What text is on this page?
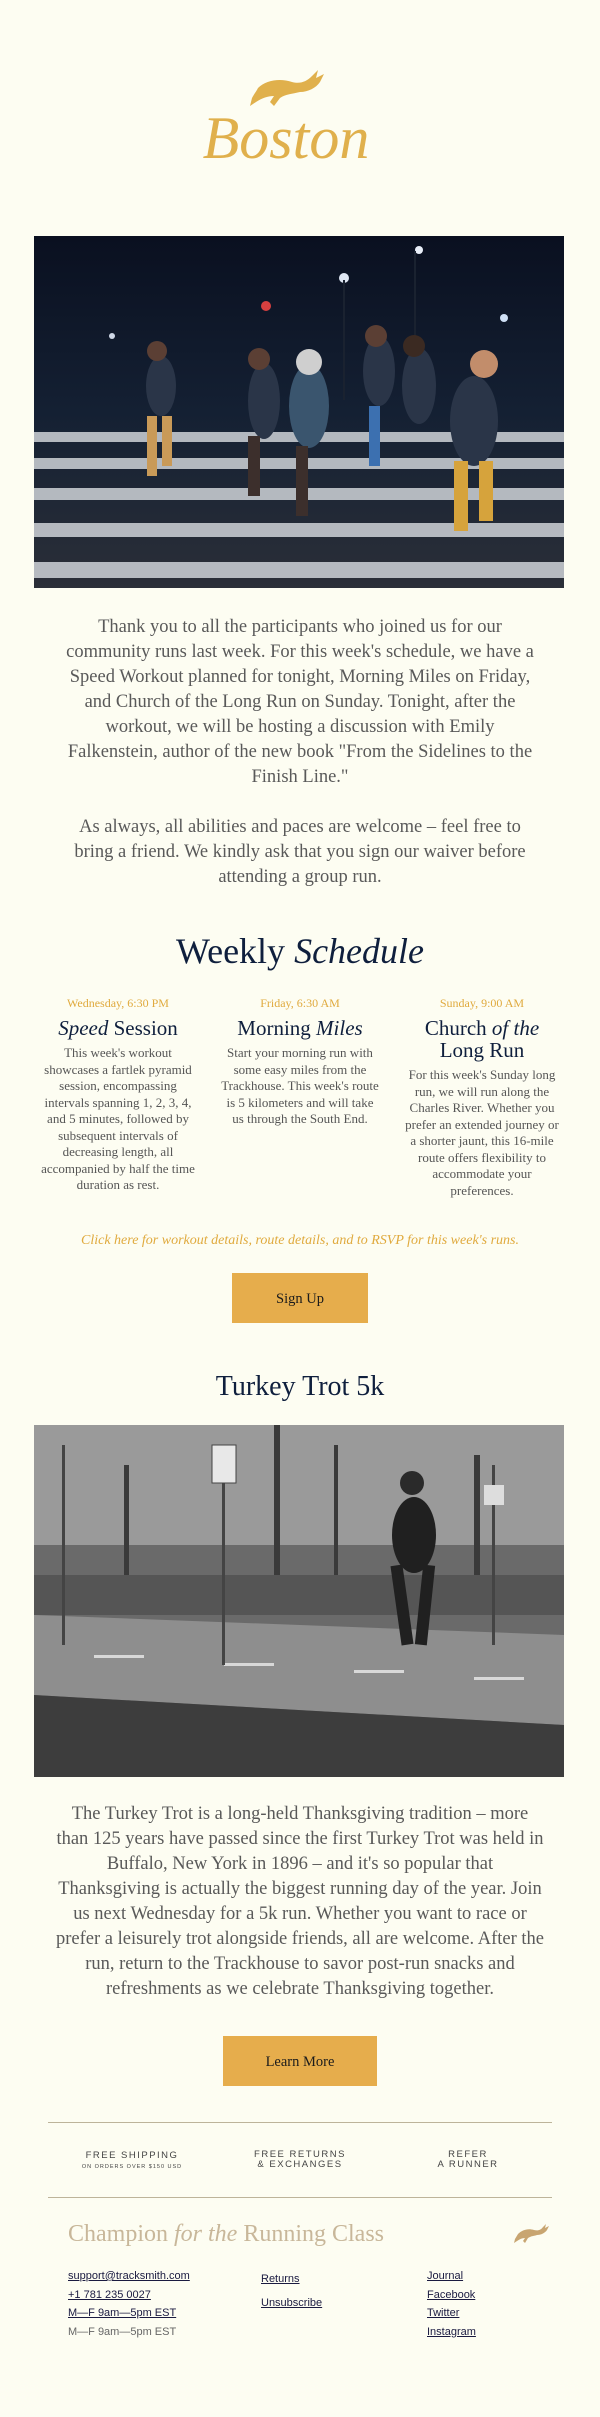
Boston

Thank you to all the participants who joined us for our community runs last week. For this week's schedule, we have a Speed Workout planned for tonight, Morning Miles on Friday, and Church of the Long Run on Sunday. Tonight, after the workout, we will be hosting a discussion with Emily Falkenstein, author of the new book "From the Sidelines to the Finish Line."

As always, all abilities and paces are welcome – feel free to bring a friend. We kindly ask that you sign our waiver before attending a group run.

Weekly Schedule
Wednesday, 6:30 PM
Speed Session
This week's workout showcases a fartlek pyramid session, encompassing intervals spanning 1, 2, 3, 4, and 5 minutes, followed by subsequent intervals of decreasing length, all accompanied by half the time duration as rest.
Friday, 6:30 AM
Morning Miles
Start your morning run with some easy miles from the Trackhouse. This week's route is 5 kilometers and will take us through the South End.
Sunday, 9:00 AM
Church of the
Long Run
For this week's Sunday long run, we will run along the Charles River. Whether you prefer an extended journey or a shorter jaunt, this 16-mile route offers flexibility to accommodate your preferences.
Click here for workout details, route details, and to RSVP for this week's runs.
Sign Up
Turkey Trot 5k
The Turkey Trot is a long-held Thanksgiving tradition – more than 125 years have passed since the first Turkey Trot was held in Buffalo, New York in 1896 – and it's so popular that Thanksgiving is actually the biggest running day of the year. Join us next Wednesday for a 5k run. Whether you want to race or prefer a leisurely trot alongside friends, all are welcome. After the run, return to the Trackhouse to savor post-run snacks and refreshments as we celebrate Thanksgiving together.
Learn More
FREE SHIPPING
ON ORDERS OVER $150 USD
FREE RETURNS
& EXCHANGES
REFER
A RUNNER
Champion for the Running Class
support@tracksmith.com
+1 781 235 0027
M—F 9am—5pm EST
M—F 9am—5pm EST
Returns
Unsubscribe
Journal
Facebook
Twitter
Instagram
